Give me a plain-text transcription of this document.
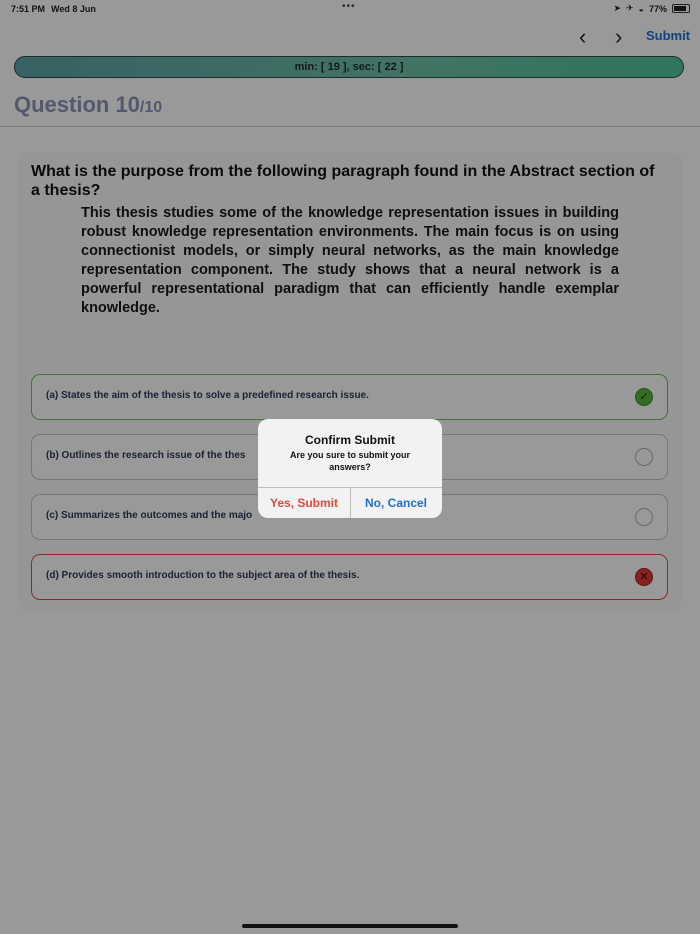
7:51 PM Wed 8 Jun	•••	➤ ✈ ◒ 77%
‹ › Submit
min: [ 19 ], sec: [ 22 ]
Question 10/10
What is the purpose from the following paragraph found in the Abstract section of a thesis?
This thesis studies some of the knowledge representation issues in building robust knowledge representation environments. The main focus is on using connectionist models, or simply neural networks, as the main knowledge representation component. The study shows that a neural network is a powerful representational paradigm that can efficiently handle exemplar knowledge.
(a) States the aim of the thesis to solve a predefined research issue.	✓
(b) Outlines the research issue of the thes
(c) Summarizes the outcomes and the majo
(d) Provides smooth introduction to the subject area of the thesis.	✕
Confirm Submit
Are you sure to submit your answers?
Yes, Submit	No, Cancel
